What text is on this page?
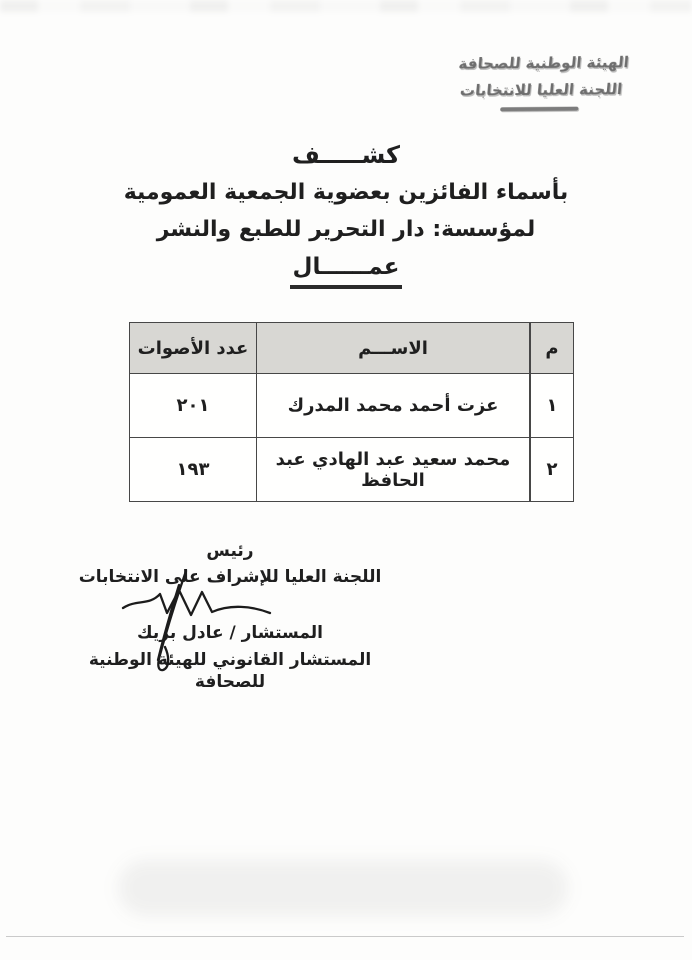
الهيئة الوطنية للصحافة
اللجنة العليا للانتخابات
كشـــــف
بأسماء الفائزين بعضوية الجمعية العمومية
لمؤسسة: دار التحرير للطبع والنشر
عمــــــال
م	الاســـم	عدد الأصوات
١	عزت أحمد محمد المدرك	٢٠١
٢	محمد سعيد عبد الهادي عبد الحافظ	١٩٣
رئيس
اللجنة العليا للإشراف على الانتخابات
المستشار / عادل بريك
المستشار القانوني للهيئة الوطنية للصحافة
